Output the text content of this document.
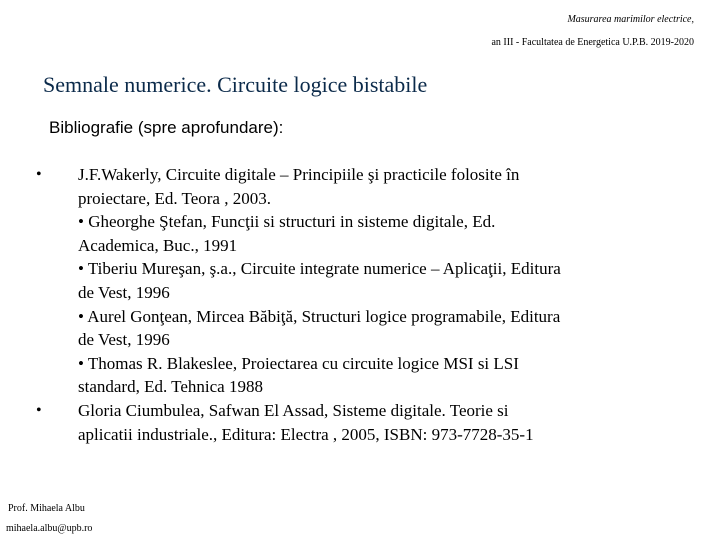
Masurarea marimilor electrice,
an III - Facultatea de Energetica U.P.B. 2019-2020
Semnale numerice. Circuite logice bistabile
Bibliografie (spre aprofundare):
• J.F.Wakerly, Circuite digitale – Principiile şi practicile folosite în
proiectare, Ed. Teora , 2003.
• Gheorghe Ştefan, Funcţii si structuri in sisteme digitale, Ed.
Academica, Buc., 1991
• Tiberiu Mureşan, ş.a., Circuite integrate numerice – Aplicaţii, Editura
de Vest, 1996
• Aurel Gonţean, Mircea Băbiţă, Structuri logice programabile, Editura
de Vest, 1996
• Thomas R. Blakeslee, Proiectarea cu circuite logice MSI si LSI
standard, Ed. Tehnica 1988
• Gloria Ciumbulea, Safwan El Assad, Sisteme digitale. Teorie si
aplicatii industriale., Editura: Electra , 2005, ISBN: 973-7728-35-1
Prof. Mihaela Albu
mihaela.albu@upb.ro
